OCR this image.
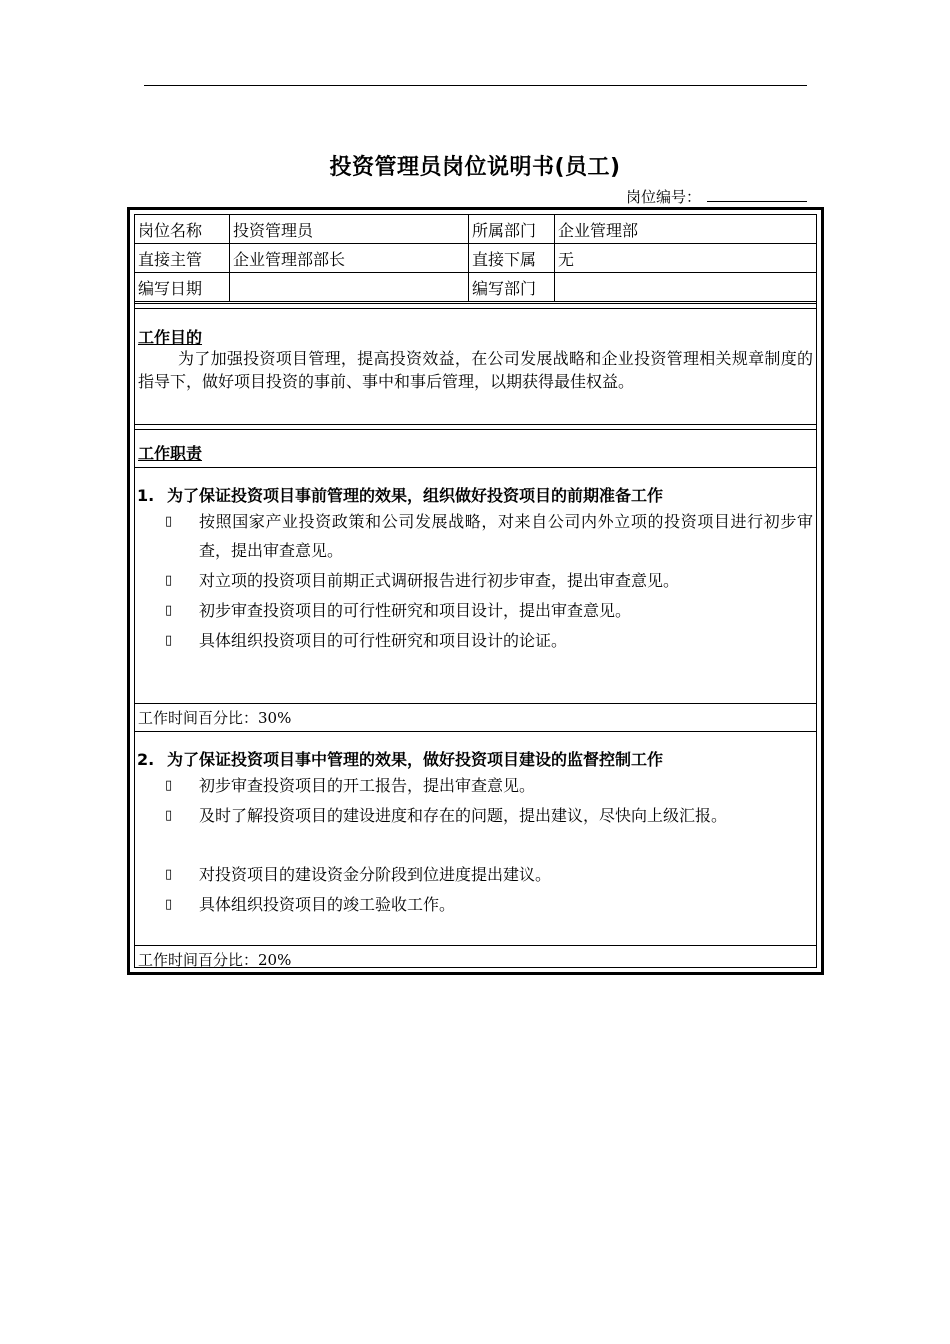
投资管理员岗位说明书(员工)
岗位编号：
岗位名称	投资管理员	所属部门	企业管理部
直接主管	企业管理部部长	直接下属	无
编写日期		编写部门	
工作目的
为了加强投资项目管理，提高投资效益，在公司发展战略和企业投资管理相关规章制度的指导下，做好项目投资的事前、事中和事后管理，以期获得最佳权益。
工作职责
1. 为了保证投资项目事前管理的效果，组织做好投资项目的前期准备工作
▯ 按照国家产业投资政策和公司发展战略，对来自公司内外立项的投资项目进行初步审查，提出审查意见。
▯ 对立项的投资项目前期正式调研报告进行初步审查，提出审查意见。
▯ 初步审查投资项目的可行性研究和项目设计，提出审查意见。
▯ 具体组织投资项目的可行性研究和项目设计的论证。
工作时间百分比：30%
2. 为了保证投资项目事中管理的效果，做好投资项目建设的监督控制工作
▯ 初步审查投资项目的开工报告，提出审查意见。
▯ 及时了解投资项目的建设进度和存在的问题，提出建议，尽快向上级汇报。
▯ 对投资项目的建设资金分阶段到位进度提出建议。
▯ 具体组织投资项目的竣工验收工作。
工作时间百分比：20%
